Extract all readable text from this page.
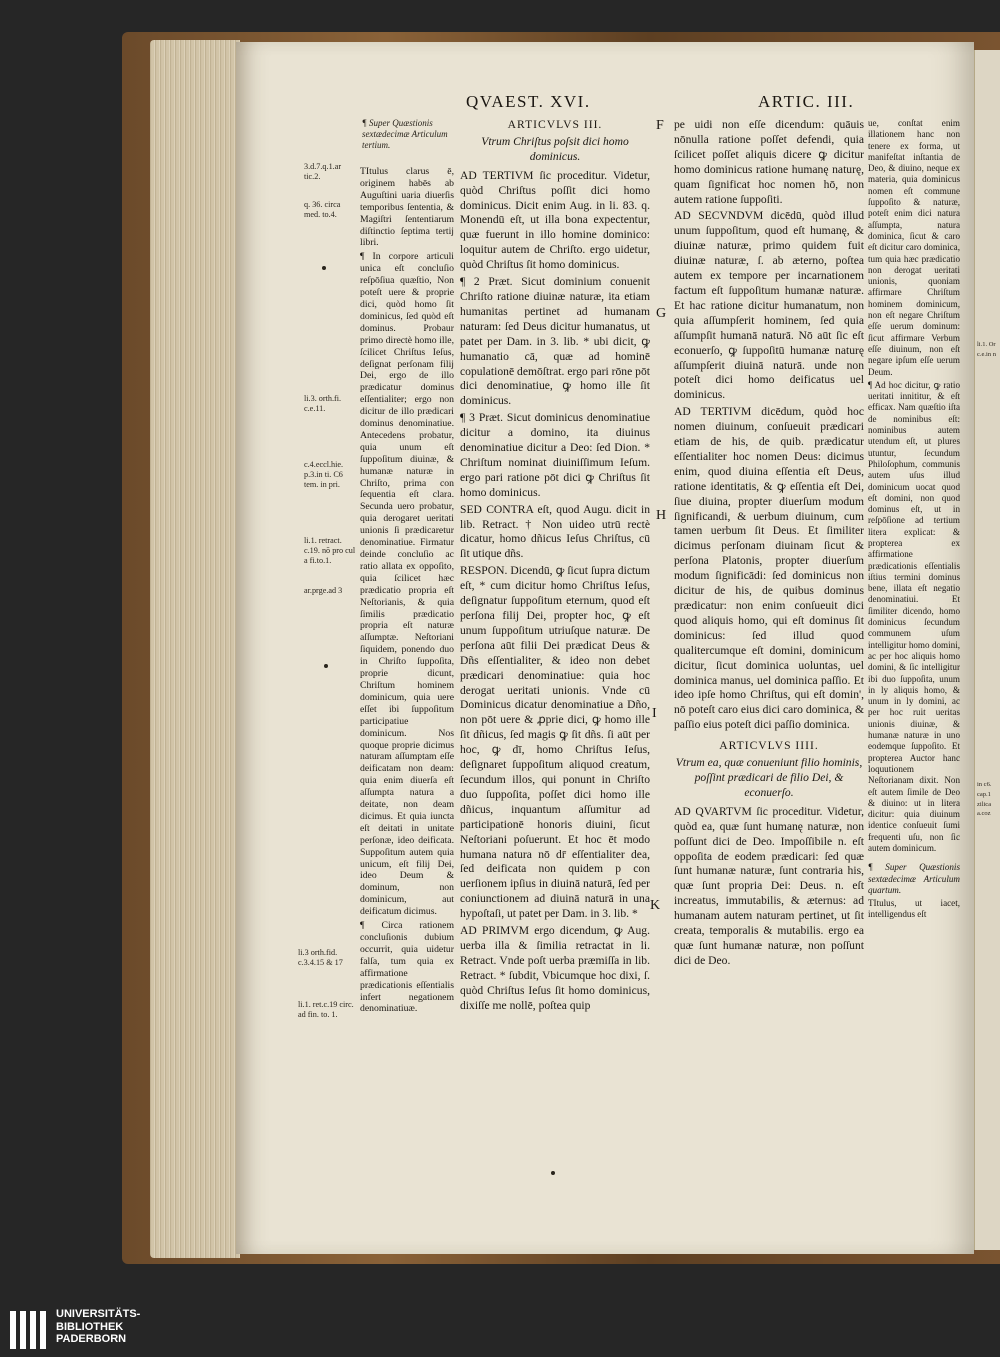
li.1. Or c.e.in n
in c6. cap.1 zilica a.coz
QVAEST. XVI.	ARTIC. III.
¶ Super Quæstionis sextædecimæ Articulum tertium.
3.d.7.q.1.ar tic.2.
q. 36. circa med. to.4.
li.3. orth.fi. c.e.11.
c.4.eccl.hie. p.3.in ti. C6 tem. in pri.
li.1. retract. c.19. nō pro cul a fi.to.1.
ar.prge.ad 3
li.3 orth.fid. c.3.4.15 & 17
li.1. ret.c.19 circ. ad fin. to. 1.

TItulus clarus ē, originem habēs ab Auguſtini uaria diuerſis temporibus ſententia, & Magiſtri ſententiarum diſtinctio ſeptima tertij libri.

¶ In corpore articuli unica eſt concluſio reſpōſiua quæſtio, Non poteſt uere & proprie dici, quòd homo ſit dominicus, ſed quòd eſt dominus. Probaur primo directè homo ille, ſcilicet Chriſtus Ieſus, deſignat perſonam filij Dei, ergo de illo prædicatur dominus eſſentialiter; ergo non dicitur de illo prædicari dominus denominatiue. Antecedens probatur, quia unum eſt ſuppoſitum diuinæ, & humanæ naturæ in Chriſto, prima con ſequentia eſt clara. Secunda uero probatur, quia derogaret ueritati unionis ſi prædicaretur denominatiue. Firmatur deinde concluſio ac ratio allata ex oppoſito, quia ſcilicet hæc prædicatio propria eſt Neſtorianis, & quia ſimilis prædicatio propria eſt naturæ aſſumptæ. Neſtoriani ſiquidem, ponendo duo in Chriſto ſuppoſita, proprie dicunt, Chriſtum hominem dominicum, quia uere eſſet ibi ſuppoſitum participatiue dominicum. Nos quoque proprie dicimus naturam aſſumptam eſſe deificatam non deam: quia enim diuerſa eſt aſſumpta natura a deitate, non deam dicimus. Et quia iuncta eſt deitati in unitate perſonæ, ideo deificata. Suppoſitum autem quia unicum, eſt filij Dei, ideo Deum & dominum, non dominicum, aut deificatum dicimus.

¶ Circa rationem concluſionis dubium occurrit, quia uidetur falſa, tum quia ex affirmatione prædicationis eſſentialis infert negationem denominatiuæ.

ARTICVLVS III.

Vtrum Chriſtus poſsit dici homo dominicus.

AD TERTIVM ſic proceditur. Videtur, quòd Chriſtus poſſit dici homo dominicus. Dicit enim Aug. in li. 83. q. Monendū eſt, ut illa bona expectentur, quæ fuerunt in illo homine dominico: loquitur autem de Chriſto. ergo uidetur, quòd Chriſtus ſit homo dominicus.

¶ 2 Præt. Sicut dominium conuenit Chriſto ratione diuinæ naturæ, ita etiam humanitas pertinet ad humanam naturam: ſed Deus dicitur humanatus, ut patet per Dam. in 3. lib. * ubi dicit, ꝙ humanatio cā, quæ ad hominē copulationē demōſtrat. ergo pari rōne pōt dici denominatiue, ꝙ homo ille ſit dominicus.

¶ 3 Præt. Sicut dominicus denominatiue dicitur a domino, ita diuinus denominatiue dicitur a Deo: ſed Dion. * Chriſtum nominat diuiniſſimum Ieſum. ergo pari ratione pōt dici ꝙ Chriſtus ſit homo dominicus.

SED CONTRA eſt, quod Augu. dicit in lib. Retract. † Non uideo utrū rectè dicatur, homo dñicus Ieſus Chriſtus, cū ſit utique dñs.

RESPON. Dicendū, ꝙ ſicut ſupra dictum eſt, * cum dicitur homo Chriſtus Ieſus, deſignatur ſuppoſitum eternum, quod eſt perſona filij Dei, propter hoc, ꝙ eſt unum ſuppoſitum utriuſque naturæ. De perſona aūt filii Dei prædicat Deus & Dñs eſſentialiter, & ideo non debet prædicari denominatiue: quia hoc derogat ueritati unionis. Vnde cū Dominicus dicatur denominatiue a Dño, non pōt uere & ꝓprie dici, ꝙ homo ille ſit dñicus, ſed magis ꝙ ſit dñs. ſi aūt per hoc, ꝙ dī, homo Chriſtus Ieſus, deſignaret ſuppoſitum aliquod creatum, ſecundum illos, qui ponunt in Chriſto duo ſuppoſita, poſſet dici homo ille dñicus, inquantum aſſumitur ad participationē honoris diuini, ſicut Neſtoriani poſuerunt. Et hoc ēt modo humana natura nō dr̄ eſſentialiter dea, ſed deificata non quidem p con uerſionem ipſius in diuinā naturā, ſed per coniunctionem ad diuinā naturā in una hypoſtaſi, ut patet per Dam. in 3. lib. *

AD PRIMVM ergo dicendum, ꝙ Aug. uerba illa & ſimilia retractat in li. Retract. Vnde poſt uerba præmiſſa in lib. Retract. * ſubdit, Vbicumque hoc dixi, ſ. quòd Chriſtus Ieſus ſit homo dominicus, dixiſſe me nollē, poſtea quip

pe uidi non eſſe dicendum: quāuis nōnulla ratione poſſet defendi, quia ſcilicet poſſet aliquis dicere ꝙ dicitur homo dominicus ratione humanę naturę, quam ſignificat hoc nomen hō, non autem ratione ſuppoſiti.

AD SECVNDVM dicēdū, quòd illud unum ſuppoſitum, quod eſt humanę, & diuinæ naturæ, primo quidem fuit diuinæ naturæ, ſ. ab æterno, poſtea autem ex tempore per incarnationem factum eſt ſuppoſitum humanæ naturæ. Et hac ratione dicitur humanatum, non quia aſſumpſerit hominem, ſed quia aſſumpſit humanā naturā. Nō aūt ſic eſt econuerſo, ꝙ ſuppoſitū humanæ naturę aſſumpſerit diuinā naturā. unde non poteſt dici homo deificatus uel dominicus.

AD TERTIVM dicēdum, quòd hoc nomen diuinum, conſueuit prædicari etiam de his, de quib. prædicatur eſſentialiter hoc nomen Deus: dicimus enim, quod diuina eſſentia eſt Deus, ratione identitatis, & ꝙ eſſentia eſt Dei, ſiue diuina, propter diuerſum modum ſignificandi, & uerbum diuinum, cum tamen uerbum ſit Deus. Et ſimiliter dicimus perſonam diuinam ſicut & perſona Platonis, propter diuerſum modum ſignificādi: ſed dominicus non dicitur de his, de quibus dominus prædicatur: non enim conſueuit dici quod aliquis homo, qui eſt dominus ſit dominicus: ſed illud quod qualitercumque eſt domini, dominicum dicitur, ſicut dominica uoluntas, uel dominica manus, uel dominica paſſio. Et ideo ipſe homo Chriſtus, qui eſt domin', nō poteſt caro eius dici caro dominica, & paſſio eius poteſt dici paſſio dominica.

ARTICVLVS IIII.

Vtrum ea, quæ conueniunt filio hominis, poſſint prædicari de filio Dei, & econuerſo.

AD QVARTVM ſic proceditur. Videtur, quòd ea, quæ ſunt humanę naturæ, non poſſunt dici de Deo. Impoſſibile n. eſt oppoſita de eodem prædicari: ſed quæ ſunt humanæ naturæ, ſunt contraria his, quæ ſunt propria Dei: Deus. n. eſt increatus, immutabilis, & æternus: ad humanam autem naturam pertinet, ut ſit creata, temporalis & mutabilis. ergo ea quæ ſunt humanæ naturæ, non poſſunt dici de Deo.

ue, conſtat enim illationem hanc non tenere ex forma, ut manifeſtat inſtantia de Deo, & diuino, neque ex materia, quia dominicus nomen eſt commune ſuppoſito & naturæ, poteſt enim dici natura aſſumpta, natura dominica, ſicut & caro eſt dicitur caro dominica, tum quia hæc prædicatio non derogat ueritati unionis, quoniam affirmare Chriſtum hominem dominicum, non eſt negare Chriſtum eſſe uerum dominum: ſicut affirmare Verbum eſſe diuinum, non eſt negare ipſum eſſe uerum Deum.

¶ Ad hoc dicitur, ꝙ ratio ueritati innititur, & eſt efficax. Nam quæſtio iſta de nominibus eſt: nominibus autem utendum eſt, ut plures utuntur, ſecundum Philoſophum, communis autem uſus illud dominicum uocat quod eſt domini, non quod dominus eſt, ut in reſpōſione ad tertium litera explicat: & propterea ex affirmatione prædicationis eſſentialis iſtius termini dominus bene, illata eſt negatio denominatiui. Et ſimiliter dicendo, homo dominicus ſecundum communem uſum intelligitur homo domini, ac per hoc aliquis homo domini, & ſic intelligitur ibi duo ſuppoſita, unum in ly aliquis homo, & unum in ly domini, ac per hoc ruit ueritas unionis diuinæ, & humanæ naturæ in uno eodemque ſuppoſito. Et propterea Auctor hanc loquutionem Neſtorianam dixit. Non eſt autem ſimile de Deo & diuino: ut in litera dicitur: quia diuinum identice conſueuit ſumi frequenti uſu, non ſic autem dominicum.

¶ Super Quæstionis sextædecimæ Articulum quartum.

TItulus, ut iacet, intelligendus eſt

F
G
H
I
K
UNIVERSITÄTS-
BIBLIOTHEK
PADERBORN
